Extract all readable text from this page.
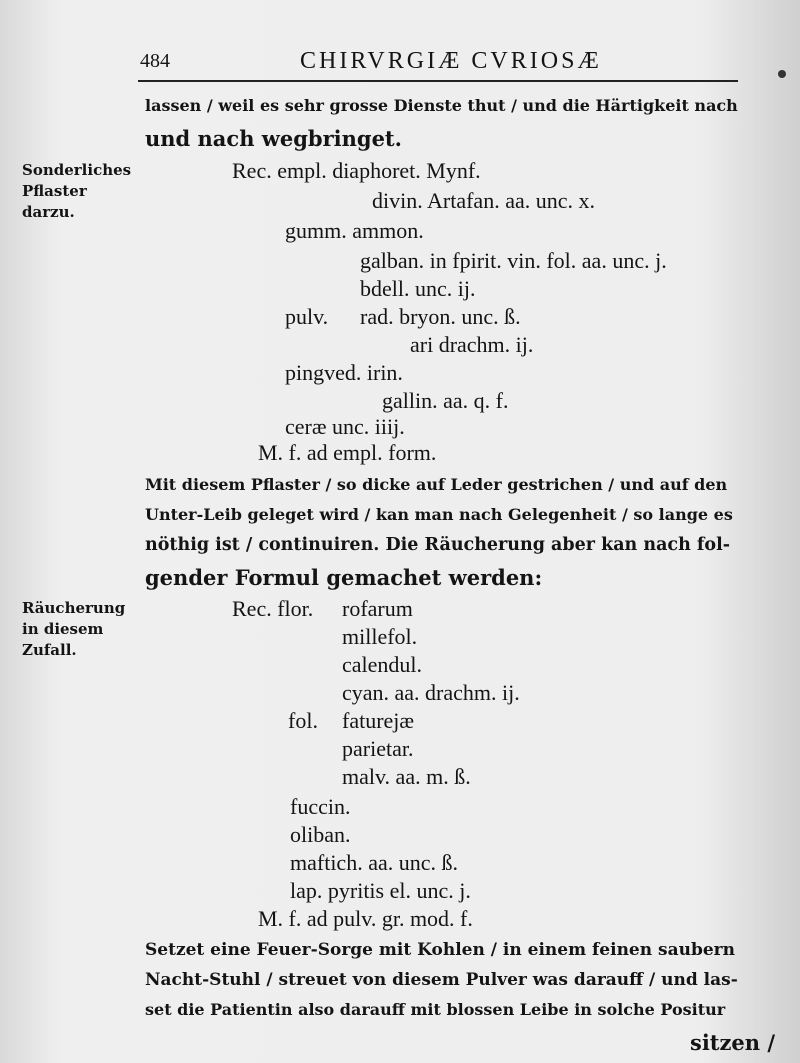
484	CHIRVRGIÆ CVRIOSÆ
lassen / weil es sehr grosse Dienste thut / und die Härtigkeit nach
und nach wegbringet.
Sonderliches Pflaster darzu.
Rec. empl. diaphoret. Mynf.
divin. Artafan. aa. unc. x.
gumm. ammon.
galban. in fpirit. vin. fol. aa. unc. j.
bdell. unc. ij.
pulv. rad. bryon. unc. ß.
ari drachm. ij.
pingved. irin.
gallin. aa. q. f.
ceræ unc. iiij.
M. f. ad empl. form.
Mit diesem Pflaster / so dicke auf Leder gestrichen / und auf den
Unter-Leib geleget wird / kan man nach Gelegenheit / so lange es
nöthig ist / continuiren. Die Räucherung aber kan nach fol-
gender Formul gemachet werden:
Räucherung in diesem Zufall.
Rec. flor. rofarum
millefol.
calendul.
cyan. aa. drachm. ij.
fol. faturejæ
parietar.
malv. aa. m. ß.
fuccin.
oliban.
maftich. aa. unc. ß.
lap. pyritis el. unc. j.
M. f. ad pulv. gr. mod. f.
Setzet eine Feuer-Sorge mit Kohlen / in einem feinen saubern
Nacht-Stuhl / streuet von diesem Pulver was darauff / und las-
set die Patientin also darauff mit blossen Leibe in solche Positur
sitzen /
